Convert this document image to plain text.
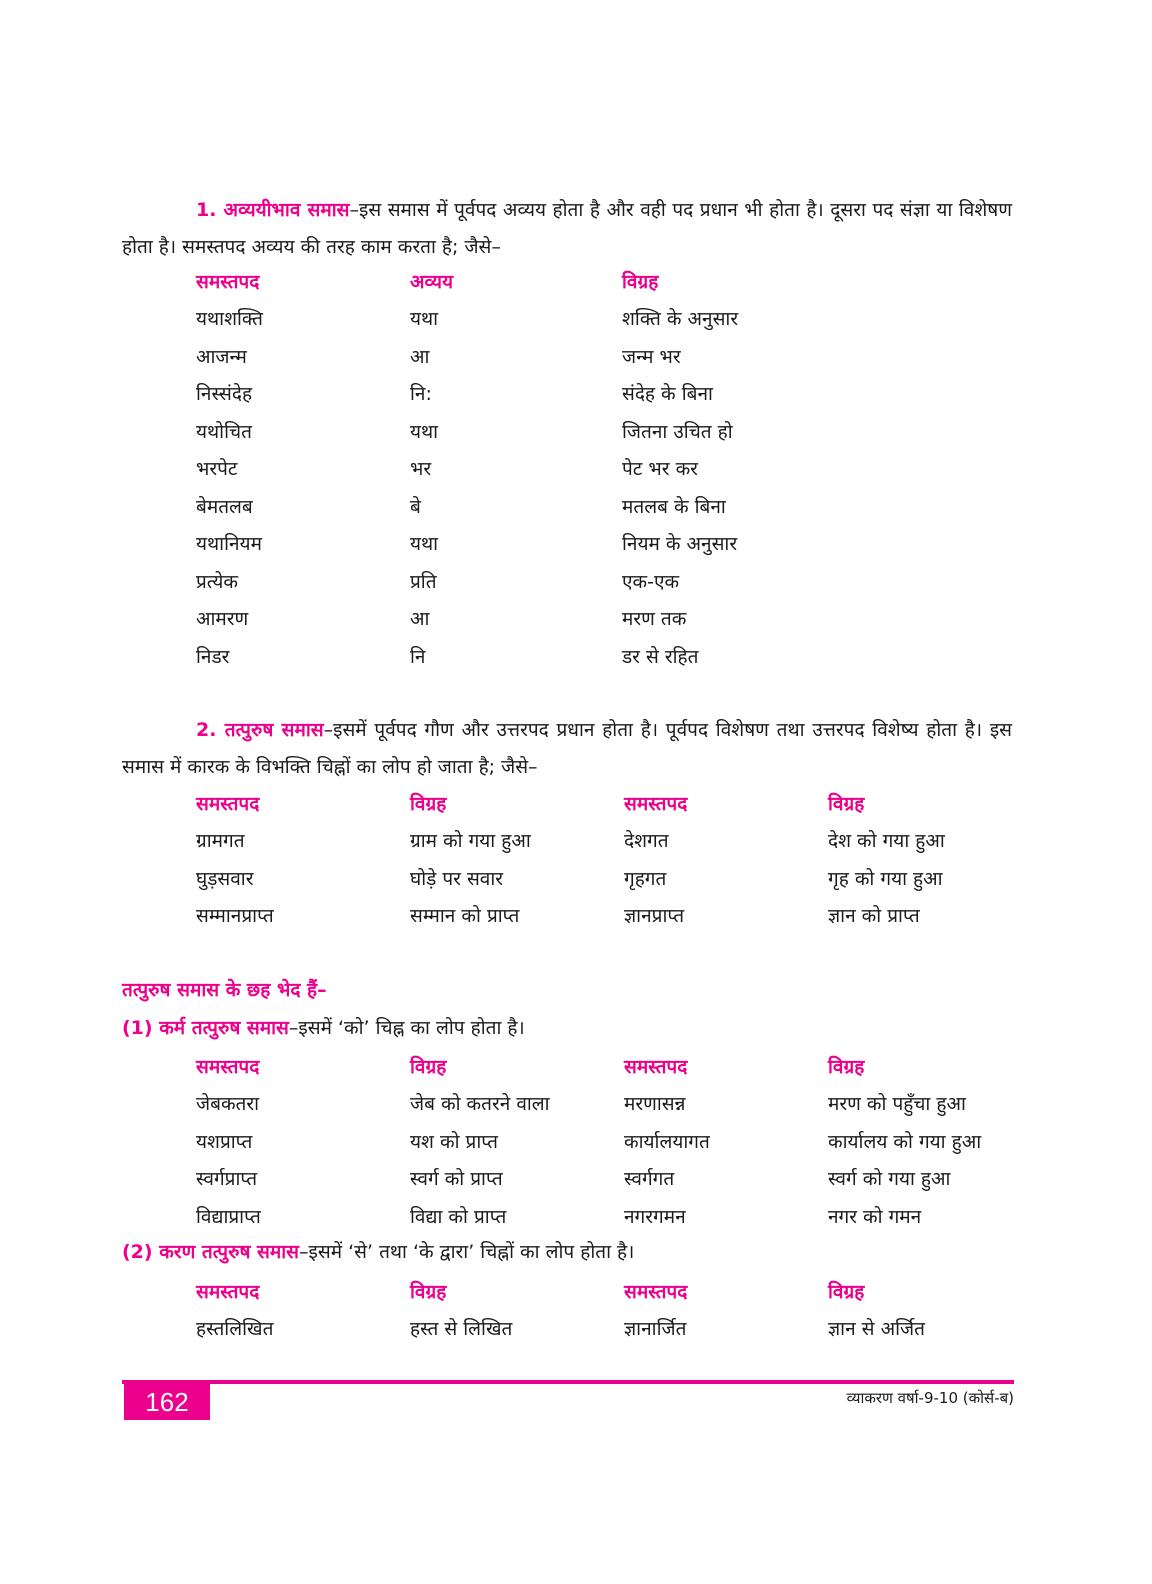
1. अव्ययीभाव समास–इस समास में पूर्वपद अव्यय होता है और वही पद प्रधान भी होता है। दूसरा पद संज्ञा या विशेषण होता है। समस्तपद अव्यय की तरह काम करता है; जैसे–

समस्तपद	अव्यय	विग्रह
यथाशक्ति	यथा	शक्ति के अनुसार
आजन्म	आ	जन्म भर
निस्संदेह	नि:	संदेह के बिना
यथोचित	यथा	जितना उचित हो
भरपेट	भर	पेट भर कर
बेमतलब	बे	मतलब के बिना
यथानियम	यथा	नियम के अनुसार
प्रत्येक	प्रति	एक-एक
आमरण	आ	मरण तक
निडर	नि	डर से रहित

2. तत्पुरुष समास–इसमें पूर्वपद गौण और उत्तरपद प्रधान होता है। पूर्वपद विशेषण तथा उत्तरपद विशेष्य होता है। इस समास में कारक के विभक्ति चिह्नों का लोप हो जाता है; जैसे–

समस्तपद	विग्रह	समस्तपद	विग्रह
ग्रामगत	ग्राम को गया हुआ	देशगत	देश को गया हुआ
घुड़सवार	घोड़े पर सवार	गृहगत	गृह को गया हुआ
सम्मानप्राप्त	सम्मान को प्राप्त	ज्ञानप्राप्त	ज्ञान को प्राप्त

तत्पुरुष समास के छह भेद हैं–

(1) कर्म तत्पुरुष समास–इसमें ‘को’ चिह्न का लोप होता है।

समस्तपद	विग्रह	समस्तपद	विग्रह
जेबकतरा	जेब को कतरने वाला	मरणासन्न	मरण को पहुँचा हुआ
यशप्राप्त	यश को प्राप्त	कार्यालयागत	कार्यालय को गया हुआ
स्वर्गप्राप्त	स्वर्ग को प्राप्त	स्वर्गगत	स्वर्ग को गया हुआ
विद्याप्राप्त	विद्या को प्राप्त	नगरगमन	नगर को गमन

(2) करण तत्पुरुष समास–इसमें ‘से’ तथा ‘के द्वारा’ चिह्नों का लोप होता है।

समस्तपद	विग्रह	समस्तपद	विग्रह
हस्तलिखित	हस्त से लिखित	ज्ञानार्जित	ज्ञान से अर्जित
162	व्याकरण वर्षा-9-10 (कोर्स-ब)
